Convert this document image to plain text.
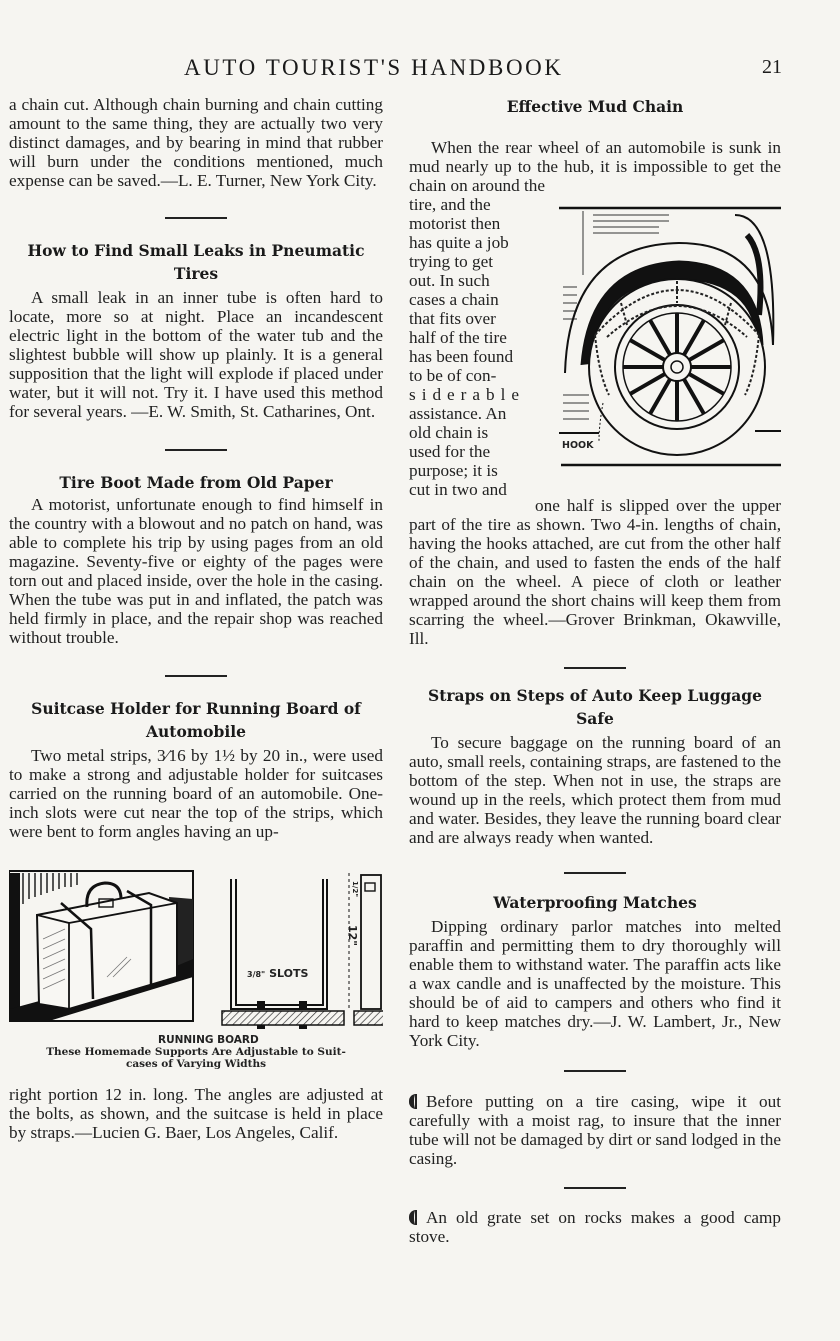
AUTO TOURIST'S HANDBOOK	21

a chain cut. Although chain burning and chain cutting amount to the same thing, they are actually two very distinct damages, and by bearing in mind that rubber will burn under the conditions mentioned, much expense can be saved.—L. E. Turner, New York City.

How to Find Small Leaks in Pneumatic
Tires

A small leak in an inner tube is often hard to locate, more so at night. Place an incandescent electric light in the bottom of the water tub and the slightest bubble will show up plainly. It is a general supposition that the light will explode if placed under water, but it will not. Try it. I have used this method for several years. —E. W. Smith, St. Catharines, Ont.

Tire Boot Made from Old Paper

A motorist, unfortunate enough to find himself in the country with a blowout and no patch on hand, was able to complete his trip by using pages from an old magazine. Seventy-five or eighty of the pages were torn out and placed inside, over the hole in the casing. When the tube was put in and inflated, the patch was held firmly in place, and the repair shop was reached without trouble.

Suitcase Holder for Running Board of
Automobile

Two metal strips, 3⁄16 by 1½ by 20 in., were used to make a strong and adjustable holder for suitcases carried on the running board of an automobile. One-inch slots were cut near the top of the strips, which were bent to form angles having an up-

3/8" SLOTS
12"
1/2"
RUNNING BOARD
These Homemade Supports Are Adjustable to Suit-
cases of Varying Widths

right portion 12 in. long. The angles are adjusted at the bolts, as shown, and the suitcase is held in place by straps.—Lucien G. Baer, Los Angeles, Calif.

Effective Mud Chain

When the rear wheel of an automobile is sunk in mud nearly up to the hub, it is impossible to get the chain on around the

tire, and the

motorist then

has quite a job

trying to get

out. In such

cases a chain

that fits over

half of the tire

has been found

to be of con-

siderable

assistance. An

old chain is

used for the

purpose; it is

cut in two and

HOOK

one half is slipped over the upper part of the tire as shown. Two 4-in. lengths of chain, having the hooks attached, are cut from the other half of the chain, and used to fasten the ends of the half chain on the wheel. A piece of cloth or leather wrapped around the short chains will keep them from scarring the wheel.—Grover Brinkman, Okawville, Ill.

Straps on Steps of Auto Keep Luggage
Safe

To secure baggage on the running board of an auto, small reels, containing straps, are fastened to the bottom of the step. When not in use, the straps are wound up in the reels, which protect them from mud and water. Besides, they leave the running board clear and are always ready when wanted.

Waterproofing Matches

Dipping ordinary parlor matches into melted paraffin and permitting them to dry thoroughly will enable them to withstand water. The paraffin acts like a wax candle and is unaffected by the moisture. This should be of aid to campers and others who find it hard to keep matches dry.—J. W. Lambert, Jr., New York City.

Before putting on a tire casing, wipe it out carefully with a moist rag, to insure that the inner tube will not be damaged by dirt or sand lodged in the casing.

An old grate set on rocks makes a good camp stove.
